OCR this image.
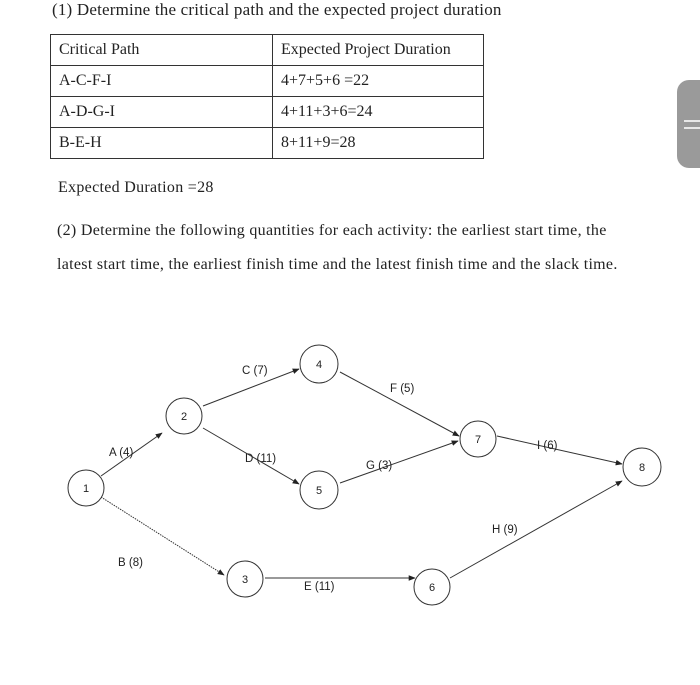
(1) Determine the critical path and the expected project duration
Critical Path	Expected Project Duration
A-C-F-I	4+7+5+6 =22
A-D-G-I	4+11+3+6=24
B-E-H	8+11+9=28
Expected Duration =28
(2) Determine the following quantities for each activity: the earliest start time, the
latest start time, the earliest finish time and the latest finish time and the slack time.
A (4)
B (8)
C (7)
D (11)
E (11)
F (5)
G (3)
H (9)
I (6)
1
2
3
4
5
6
7
8
